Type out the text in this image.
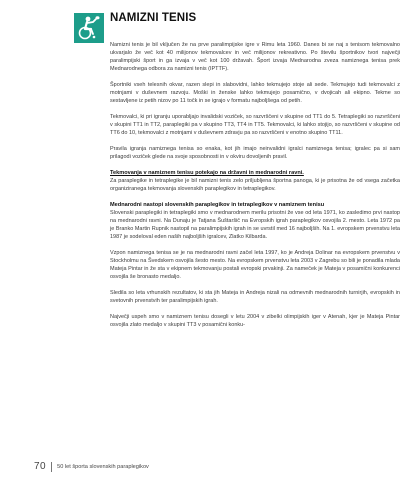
NAMIZNI TENIS

Namizni tenis je bil vključen že na prve paralimpijske igre v Rimu leta 1960. Danes bi se naj s tenisom tekmovalno ukvarjalo že več kot 40 milijonov tekmovalcev in več milijonov rekreativno. Po številu športnikov tvori največji paralimpijski šport in ga izvaja v več kot 100 državah. Šport izvaja Mednarodna zveza namiznega tenisa prek Mednarodnega odbora za namizni tenis (IPTTF).

Športniki vseh telesnih okvar, razen slepi in slabovidni, lahko tekmujejo stoje ali sede. Tekmujejo tudi tekmovalci z motnjami v duševnem razvoju. Moški in ženske lahko tekmujejo posamično, v dvojicah ali ekipno. Tekme so sestavljene iz petih nizov po 11 točk in se igrajo v formatu najboljšega od petih.

Tekmovalci, ki pri igranju uporabljajo invalidski voziček, so razvrščeni v skupine od TT1 do 5. Tetraplegiki so razvrščeni v skupini TT1 in TT2, paraplegiki pa v skupino TT3, TT4 in TT5. Tekmovalci, ki lahko stojijo, so razvrščeni v skupine od TT6 do 10, tekmovalci z motnjami v duševnem zdravju pa so razvrščeni v enotno skupino TT11.

Pravila igranja namiznega tenisa so enaka, kot jih imajo neinvalidni igralci namiznega tenisa; igralec pa si sam prilagodi voziček glede na svoje sposobnosti in v okviru dovoljenih pravil.

Tekmovanja v namiznem tenisu potekajo na državni in mednarodni ravni.

Za paraplegike in tetraplegike je bil namizni tenis zelo priljubljena športna panoga, ki je prisotna že od vsega začetka organiziranega tekmovanja slovenskih paraplegikov in tetraplegikov.

Mednarodni nastopi slovenskih paraplegikov in tetraplegikov v namiznem tenisu

Slovenski paraplegiki in tetraplegiki smo v mednarodnem merilu prisotni že vse od leta 1971, ko zasledimo prvi nastop na mednarodni ravni. Na Dunaju je Tatjana Šuštaršič na Evropskih igrah paraplegikov osvojila 2. mesto. Leta 1972 pa je Branko Martin Rupnik nastopil na paralimpijskih igrah in se uvrstil med 16 najboljših. Na 1. evropskem prvenstvu leta 1987 je sodeloval eden naših najboljših igralcev, Zlatko Kilbarda.

Vzpon namiznega tenisa se je na mednarodni ravni začel leta 1997, ko je Andreja Dolinar na evropskem prvenstvu v Stockholmu na Švedskem osvojila šesto mesto. Na evropskem prvenstvu leta 2003 v Zagrebu so bili je ponadila mlada Mateja Pintar in že sta v ekipnem tekmovanju postali evropski prvakinji. Za nameček je Mateja v posamični konkurenci osvojila še bronasto medaljo.

Sledila so leta vrhunskih rezultatov, ki sta jih Mateja in Andreja nizali na odmevnih mednarodnih turnirjih, evropskih in svetovnih prvenstvih ter paralimpijskih igrah.

Največji uspeh smo v namiznem tenisu dosegli v letu 2004 v zibelki olimpijskih iger v Atenah, kjer je Mateja Pintar osvojila zlato medaljo v skupini TT3 v posamični konku-

70 50 let športa slovenskih paraplegikov
